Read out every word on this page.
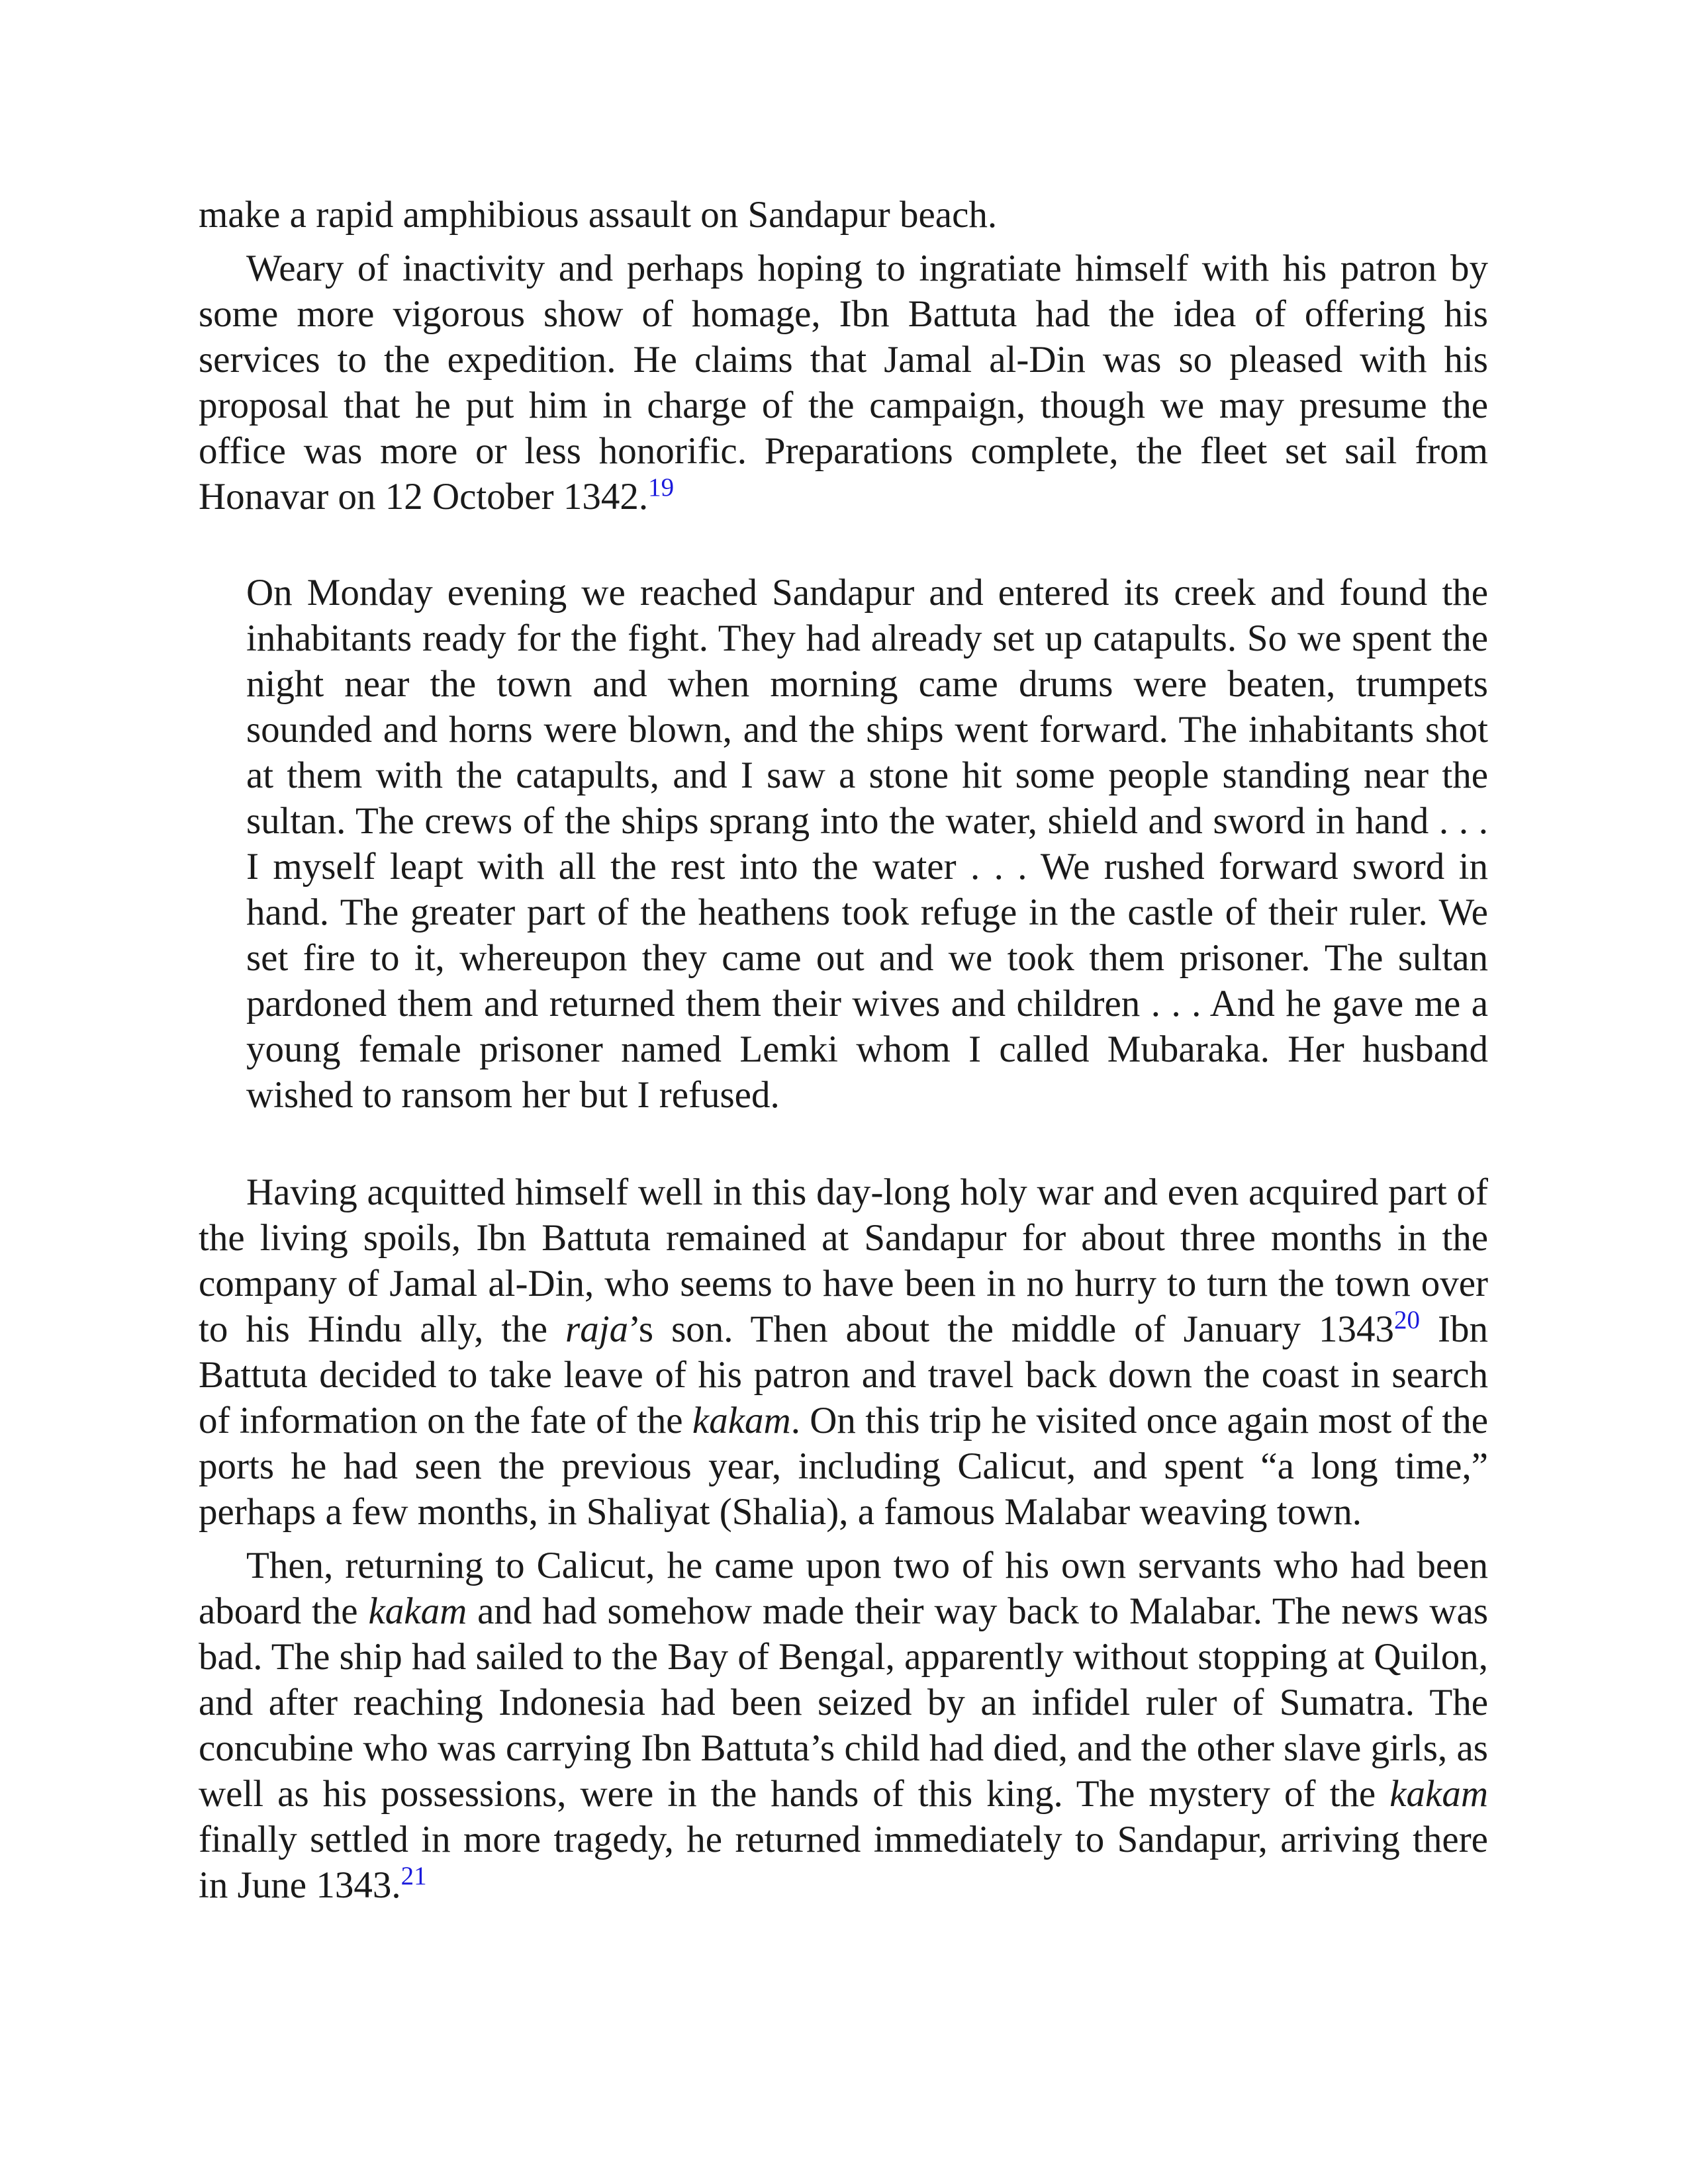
make a rapid amphibious assault on Sandapur beach.

Weary of inactivity and perhaps hoping to ingratiate himself with his patron by some more vigorous show of homage, Ibn Battuta had the idea of offering his services to the expedition. He claims that Jamal al-Din was so pleased with his proposal that he put him in charge of the campaign, though we may presume the office was more or less honorific. Preparations complete, the fleet set sail from Honavar on 12 October 1342.19

On Monday evening we reached Sandapur and entered its creek and found the inhabitants ready for the fight. They had already set up catapults. So we spent the night near the town and when morning came drums were beaten, trumpets sounded and horns were blown, and the ships went forward. The inhabitants shot at them with the catapults, and I saw a stone hit some people standing near the sultan. The crews of the ships sprang into the water, shield and sword in hand . . . I myself leapt with all the rest into the water . . . We rushed forward sword in hand. The greater part of the heathens took refuge in the castle of their ruler. We set fire to it, whereupon they came out and we took them prisoner. The sultan pardoned them and returned them their wives and children . . . And he gave me a young female prisoner named Lemki whom I called Mubaraka. Her husband wished to ransom her but I refused.

Having acquitted himself well in this day-long holy war and even acquired part of the living spoils, Ibn Battuta remained at Sandapur for about three months in the company of Jamal al-Din, who seems to have been in no hurry to turn the town over to his Hindu ally, the raja’s son. Then about the middle of January 1343$^{20}$ Ibn Battuta decided to take leave of his patron and travel back down the coast in search of information on the fate of the kakam. On this trip he visited once again most of the ports he had seen the previous year, including Calicut, and spent “a long time,” perhaps a few months, in Shaliyat (Shalia), a famous Malabar weaving town.

Then, returning to Calicut, he came upon two of his own servants who had been aboard the kakam and had somehow made their way back to Malabar. The news was bad. The ship had sailed to the Bay of Bengal, apparently without stopping at Quilon, and after reaching Indonesia had been seized by an infidel ruler of Sumatra. The concubine who was carrying Ibn Battuta’s child had died, and the other slave girls, as well as his possessions, were in the hands of this king. The mystery of the kakam finally settled in more tragedy, he returned immediately to Sandapur, arriving there in June 1343.21
